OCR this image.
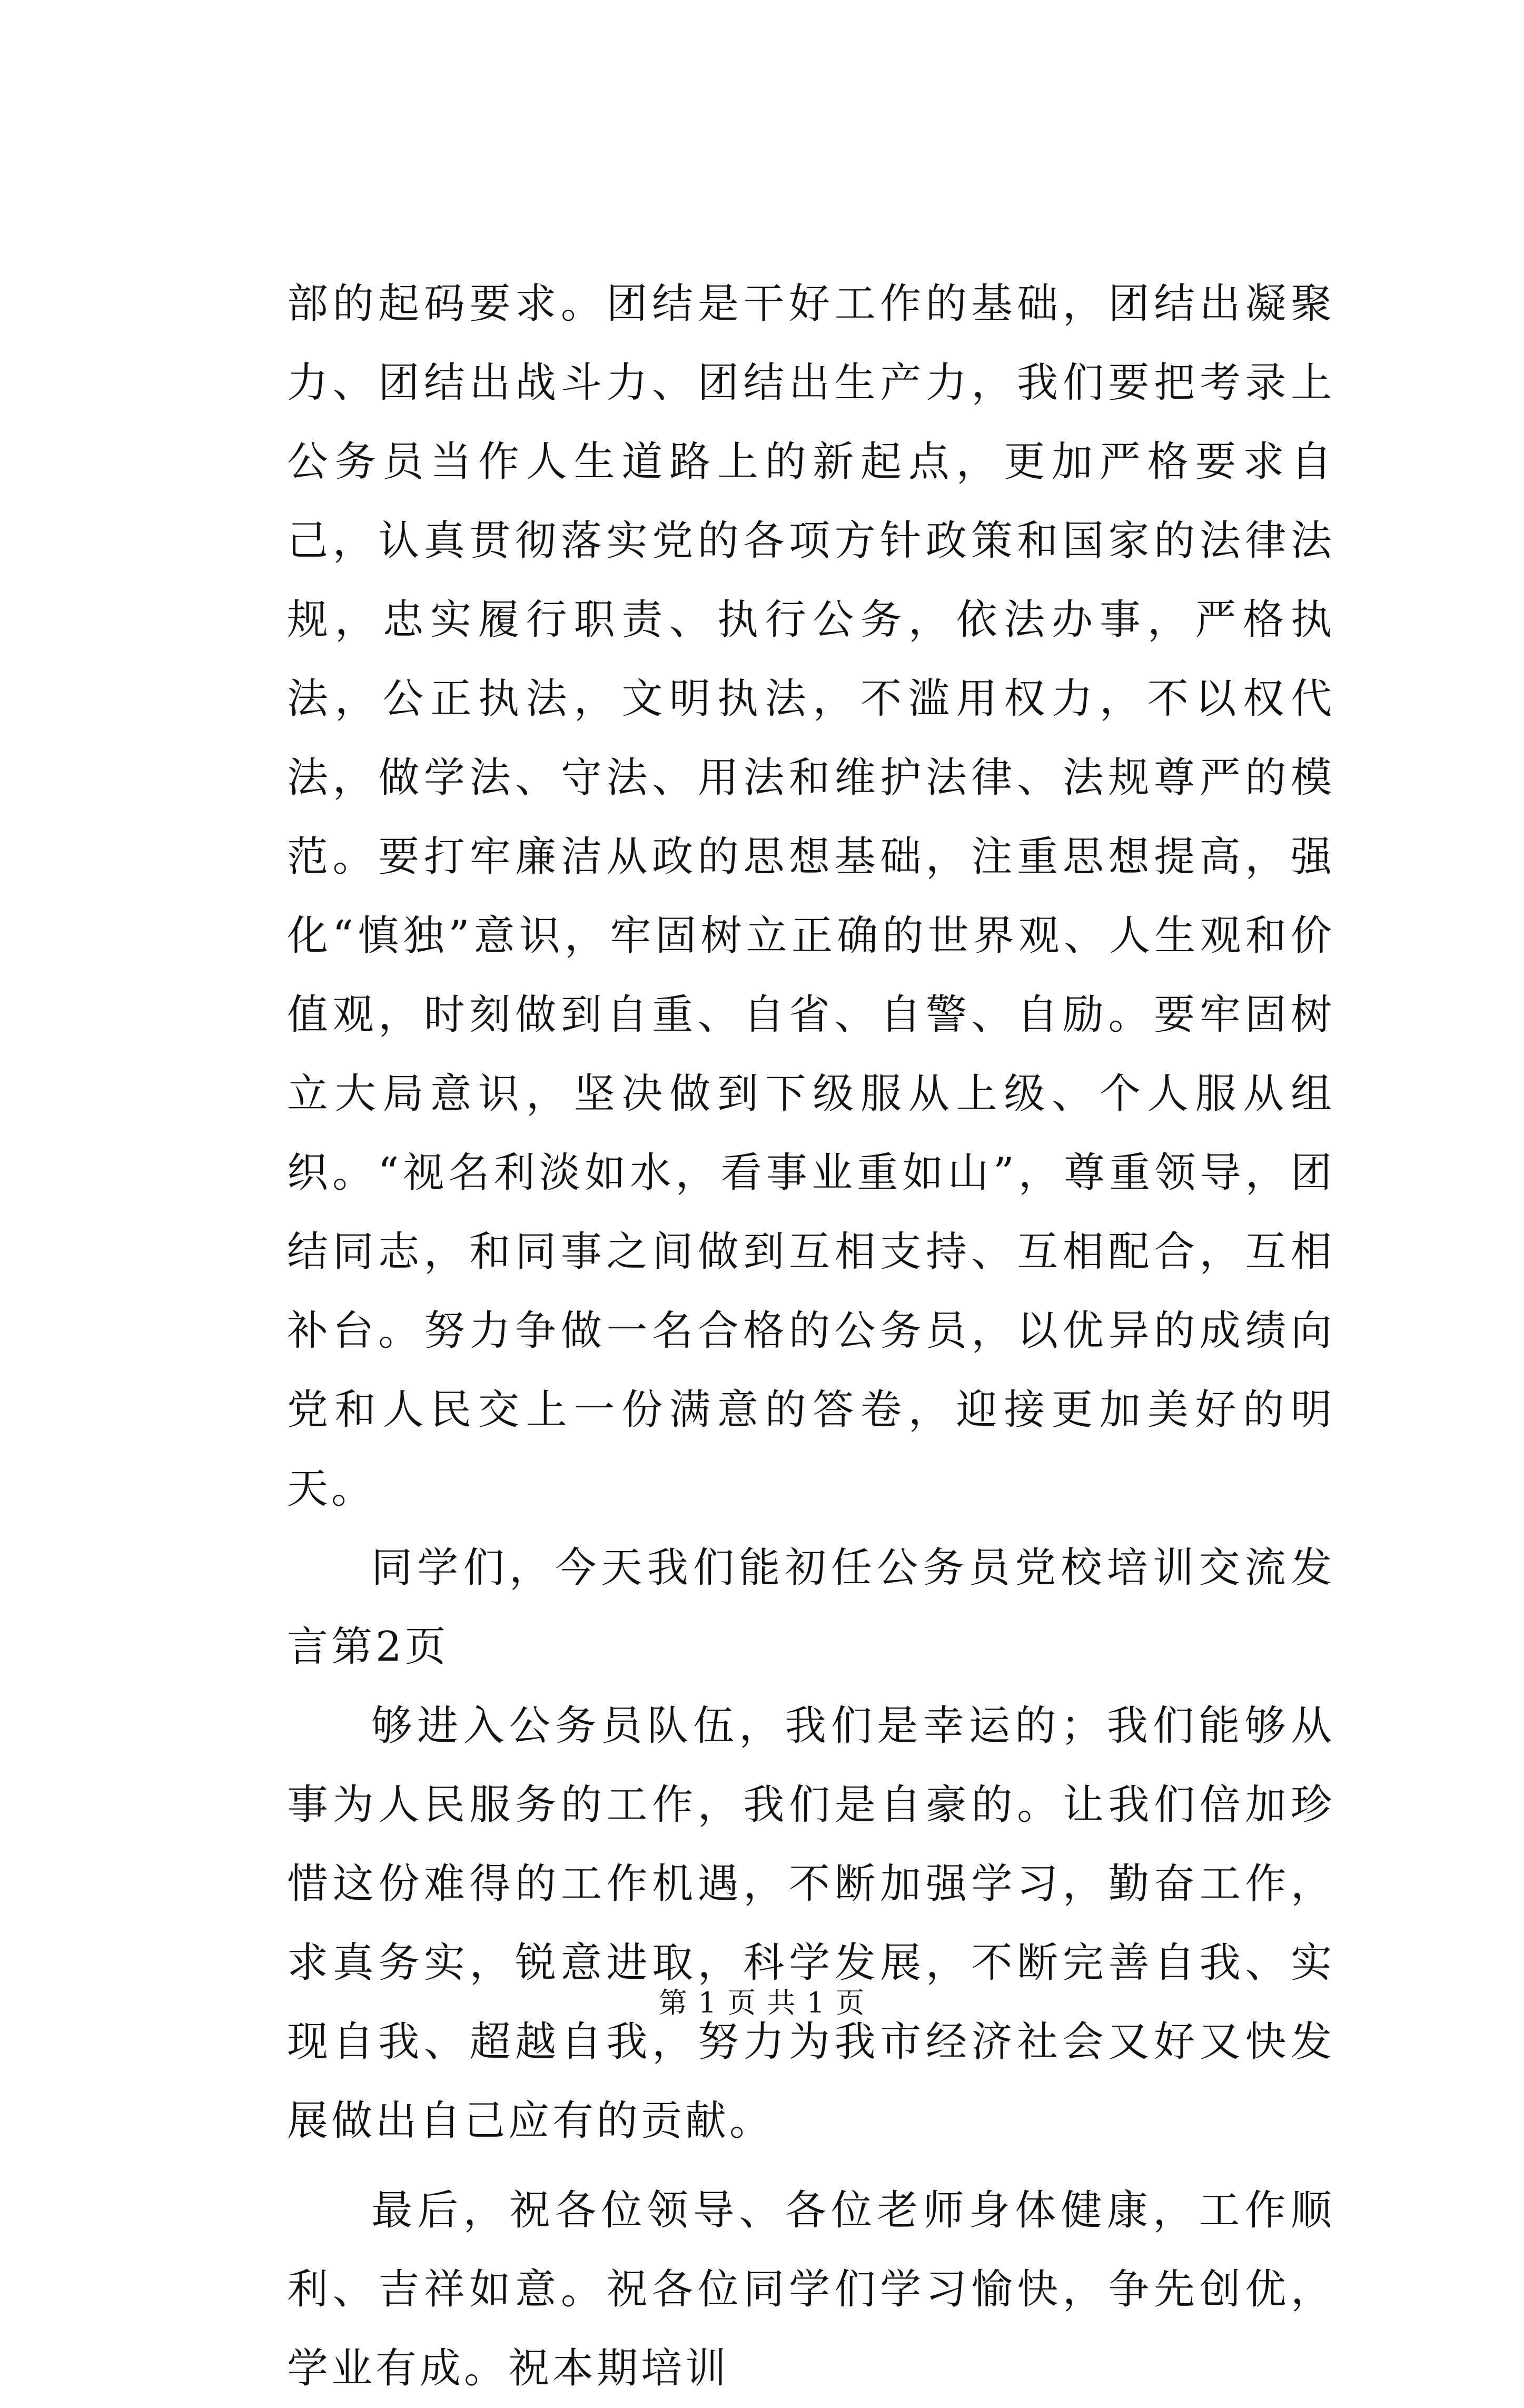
部的起码要求。团结是干好工作的基础，团结出凝聚力、团结出战斗力、团结出生产力，我们要把考录上公务员当作人生道路上的新起点，更加严格要求自己，认真贯彻落实党的各项方针政策和国家的法律法规，忠实履行职责、执行公务，依法办事，严格执法，公正执法，文明执法，不滥用权力，不以权代法，做学法、守法、用法和维护法律、法规尊严的模范。要打牢廉洁从政的思想基础，注重思想提高，强化“慎独”意识，牢固树立正确的世界观、人生观和价值观，时刻做到自重、自省、自警、自励。要牢固树立大局意识，坚决做到下级服从上级、个人服从组织。“视名利淡如水，看事业重如山”，尊重领导，团结同志，和同事之间做到互相支持、互相配合，互相补台。努力争做一名合格的公务员，以优异的成绩向党和人民交上一份满意的答卷，迎接更加美好的明天。

同学们，今天我们能初任公务员党校培训交流发言第2页

够进入公务员队伍，我们是幸运的；我们能够从事为人民服务的工作，我们是自豪的。让我们倍加珍惜这份难得的工作机遇，不断加强学习，勤奋工作，求真务实，锐意进取，科学发展，不断完善自我、实现自我、超越自我，努力为我市经济社会又好又快发展做出自己应有的贡献。

最后，祝各位领导、各位老师身体健康，工作顺利、吉祥如意。祝各位同学们学习愉快，争先创优，学业有成。祝本期培训

第 1 页 共 1 页
